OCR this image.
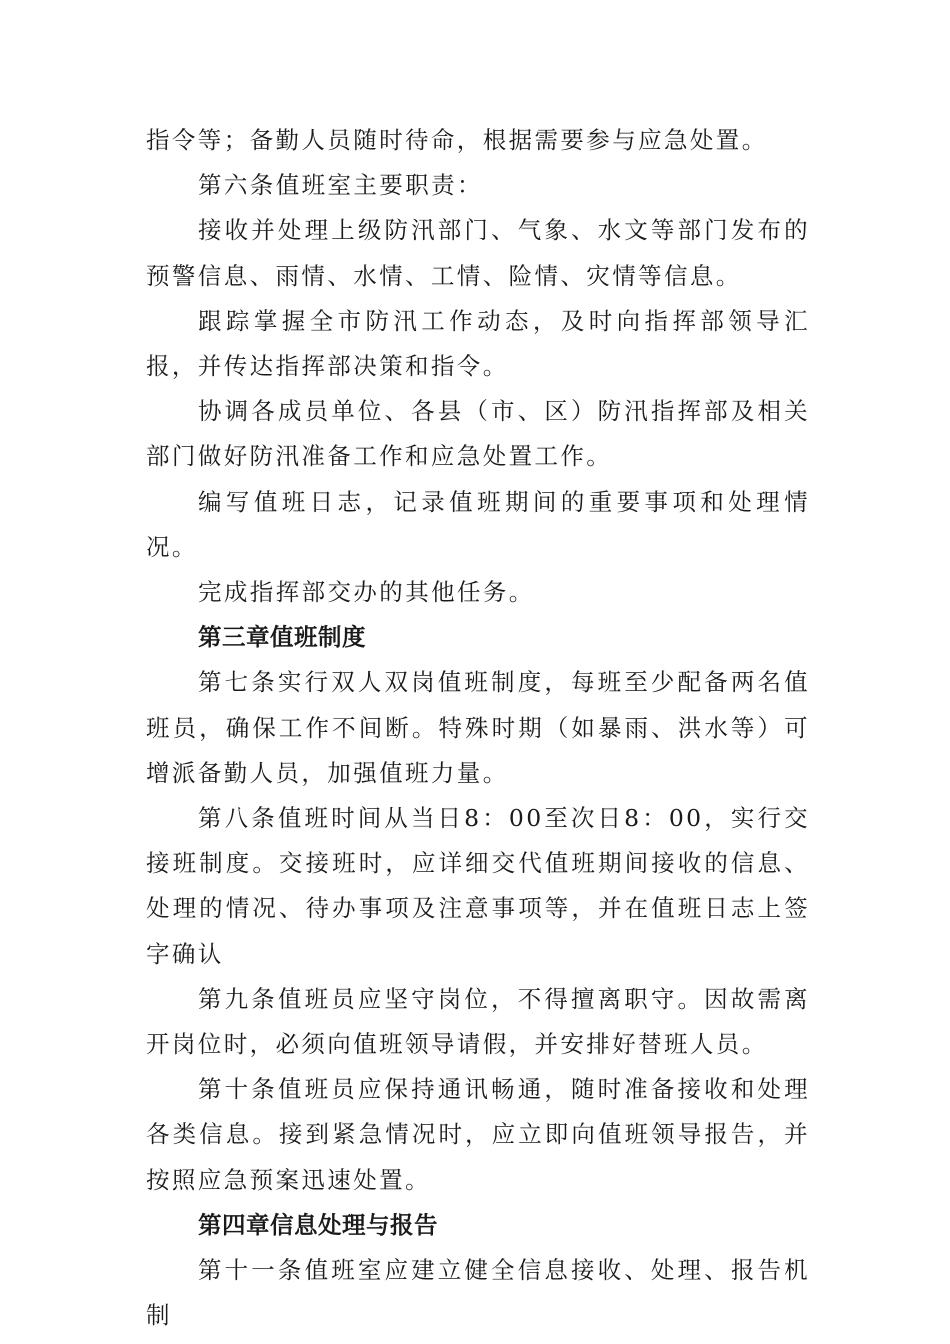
指令等；备勤人员随时待命，根据需要参与应急处置。

第六条值班室主要职责：

接收并处理上级防汛部门、气象、水文等部门发布的预警信息、雨情、水情、工情、险情、灾情等信息。

跟踪掌握全市防汛工作动态，及时向指挥部领导汇报，并传达指挥部决策和指令。

协调各成员单位、各县（市、区）防汛指挥部及相关部门做好防汛准备工作和应急处置工作。

编写值班日志，记录值班期间的重要事项和处理情况。

完成指挥部交办的其他任务。

第三章值班制度

第七条实行双人双岗值班制度，每班至少配备两名值班员，确保工作不间断。特殊时期（如暴雨、洪水等）可增派备勤人员，加强值班力量。

第八条值班时间从当日8：00至次日8：00，实行交接班制度。交接班时，应详细交代值班期间接收的信息、处理的情况、待办事项及注意事项等，并在值班日志上签字确认

第九条值班员应坚守岗位，不得擅离职守。因故需离开岗位时，必须向值班领导请假，并安排好替班人员。

第十条值班员应保持通讯畅通，随时准备接收和处理各类信息。接到紧急情况时，应立即向值班领导报告，并按照应急预案迅速处置。

第四章信息处理与报告

第十一条值班室应建立健全信息接收、处理、报告机制
